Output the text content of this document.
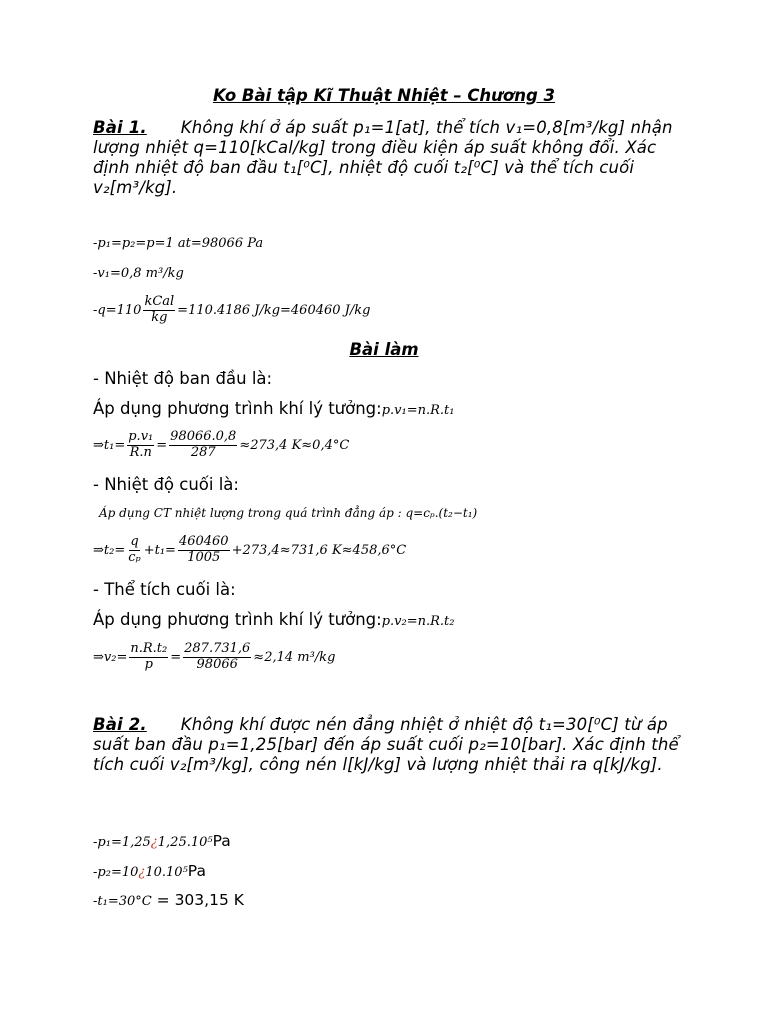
Ko Bài tập Kĩ Thuật Nhiệt – Chương 3
Bài 1. Không khí ở áp suất p₁=1[at], thể tích v₁=0,8[m³/kg] nhận lượng nhiệt q=110[kCal/kg] trong điều kiện áp suất không đổi. Xác định nhiệt độ ban đầu t₁[⁰C], nhiệt độ cuối t₂[⁰C] và thể tích cuối v₂[m³/kg].
-p₁=p₂=p=1 at=98066 Pa
-v₁=0,8 m³/kg
$-q=110 \frac{\text{kCal}}{kg} =110.4186$ J/kg=460460 J/kg
Bài làm
- Nhiệt độ ban đầu là:
Áp dụng phương trình khí lý tưởng:p.v₁=n.R.t₁
⇒t₁= $\frac{\text{p.v₁}}{R.n} = \frac{98066.0,8}{287} \approx 273,4$ K≈0,4°C
- Nhiệt độ cuối là:
Áp dụng CT nhiệt lượng trong quá trình đẳng áp : q=cₚ.(t₂−t₁)
⇒t₂= $\frac{q}{\text{cₚ}} +t_1= \frac{460460}{1005} +273,4\approx 731,6$ K≈458,6°C
- Thể tích cuối là:
Áp dụng phương trình khí lý tưởng:p.v₂=n.R.t₂
⇒v₂= $\frac{\text{n.R.t₂}}{p} = \frac{287.731,6}{98066} \approx 2,14$ m³/kg
Bài 2. Không khí được nén đẳng nhiệt ở nhiệt độ t₁=30[⁰C] từ áp suất ban đầu p₁=1,25[bar] đến áp suất cuối p₂=10[bar]. Xác định thể tích cuối v₂[m³/kg], công nén l[kJ/kg] và lượng nhiệt thải ra q[kJ/kg].
-p₁=1,25¿1,25.10⁵Pa
-p₂=10¿10.10⁵Pa
-t₁=30°C = 303,15 K
